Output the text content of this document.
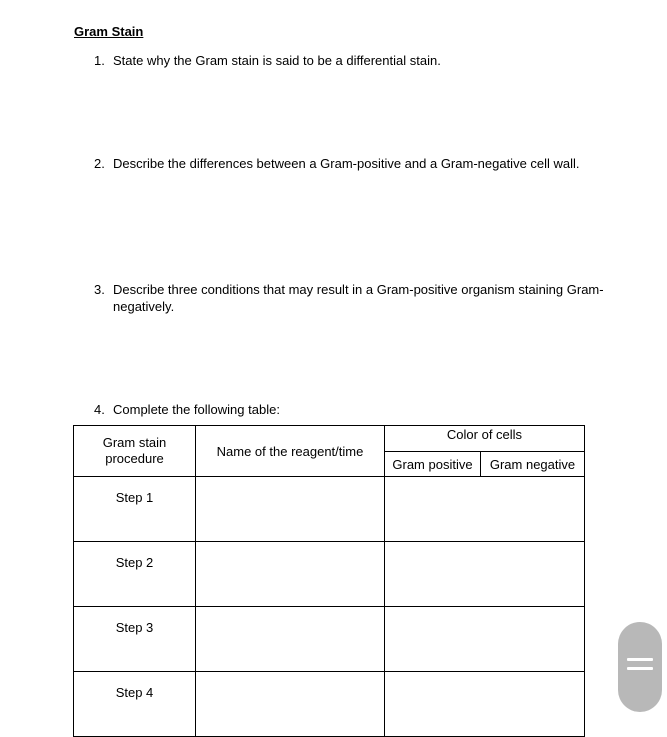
Gram Stain
1. State why the Gram stain is said to be a differential stain.
2. Describe the differences between a Gram-positive and a Gram-negative cell wall.
3. Describe three conditions that may result in a Gram-positive organism staining Gram-negatively.
4. Complete the following table:
Gram stain procedure	Name of the reagent/time	Color of cells	
		Gram positive	Gram negative
Step 1			
Step 2			
Step 3			
Step 4			
